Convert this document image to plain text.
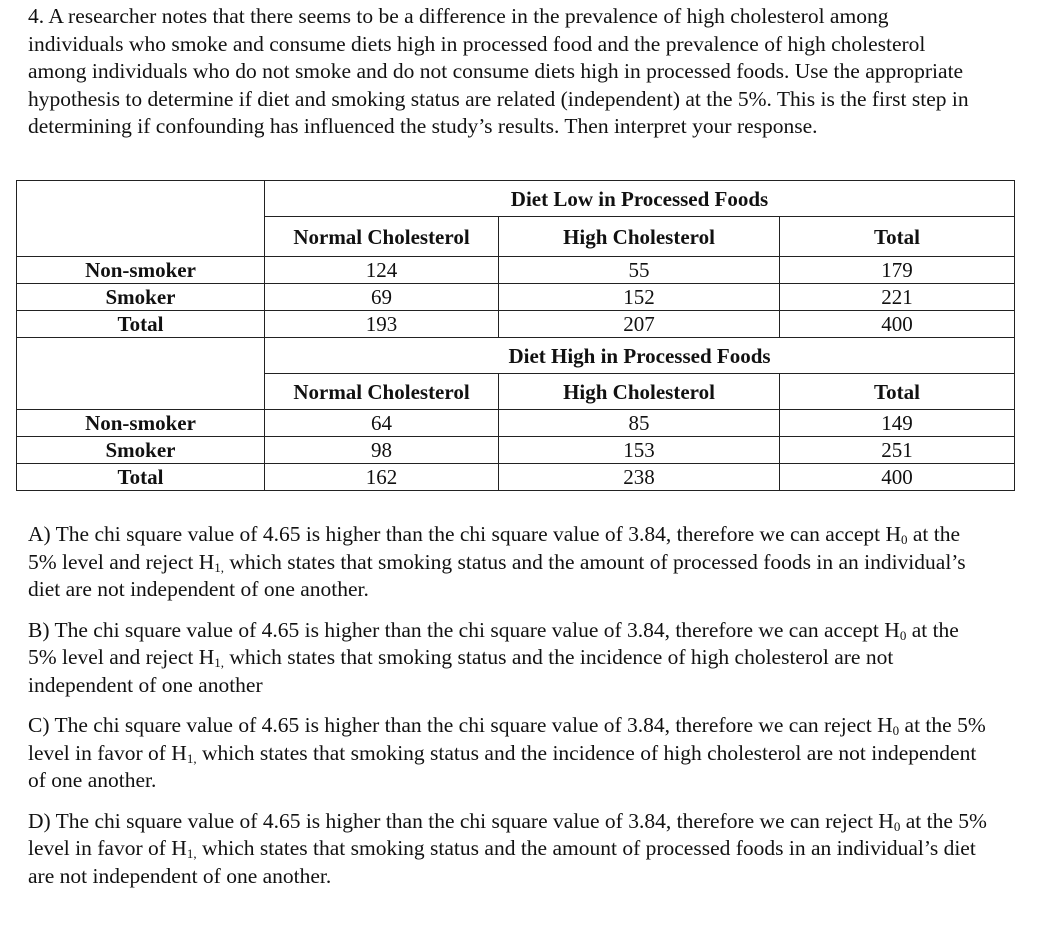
4. A researcher notes that there seems to be a difference in the prevalence of high cholesterol among individuals who smoke and consume diets high in processed food and the prevalence of high cholesterol among individuals who do not smoke and do not consume diets high in processed foods. Use the appropriate hypothesis to determine if diet and smoking status are related (independent) at the 5%. This is the first step in determining if confounding has influenced the study’s results. Then interpret your response.

	Diet Low in Processed Foods		
	Normal Cholesterol	High Cholesterol	Total
Non-smoker	124	55	179
Smoker	69	152	221
Total	193	207	400
	Diet High in Processed Foods		
	Normal Cholesterol	High Cholesterol	Total
Non-smoker	64	85	149
Smoker	98	153	251
Total	162	238	400

A) The chi square value of 4.65 is higher than the chi square value of 3.84, therefore we can accept $H_0$ at the 5% level and reject $H_{1,}$ which states that smoking status and the amount of processed foods in an individual’s diet are not independent of one another.

B) The chi square value of 4.65 is higher than the chi square value of 3.84, therefore we can accept $H_0$ at the 5% level and reject $H_{1,}$ which states that smoking status and the incidence of high cholesterol are not independent of one another

C) The chi square value of 4.65 is higher than the chi square value of 3.84, therefore we can reject $H_0$ at the 5% level in favor of $H_{1,}$ which states that smoking status and the incidence of high cholesterol are not independent of one another.

D) The chi square value of 4.65 is higher than the chi square value of 3.84, therefore we can reject $H_0$ at the 5% level in favor of $H_{1,}$ which states that smoking status and the amount of processed foods in an individual’s diet are not independent of one another.
